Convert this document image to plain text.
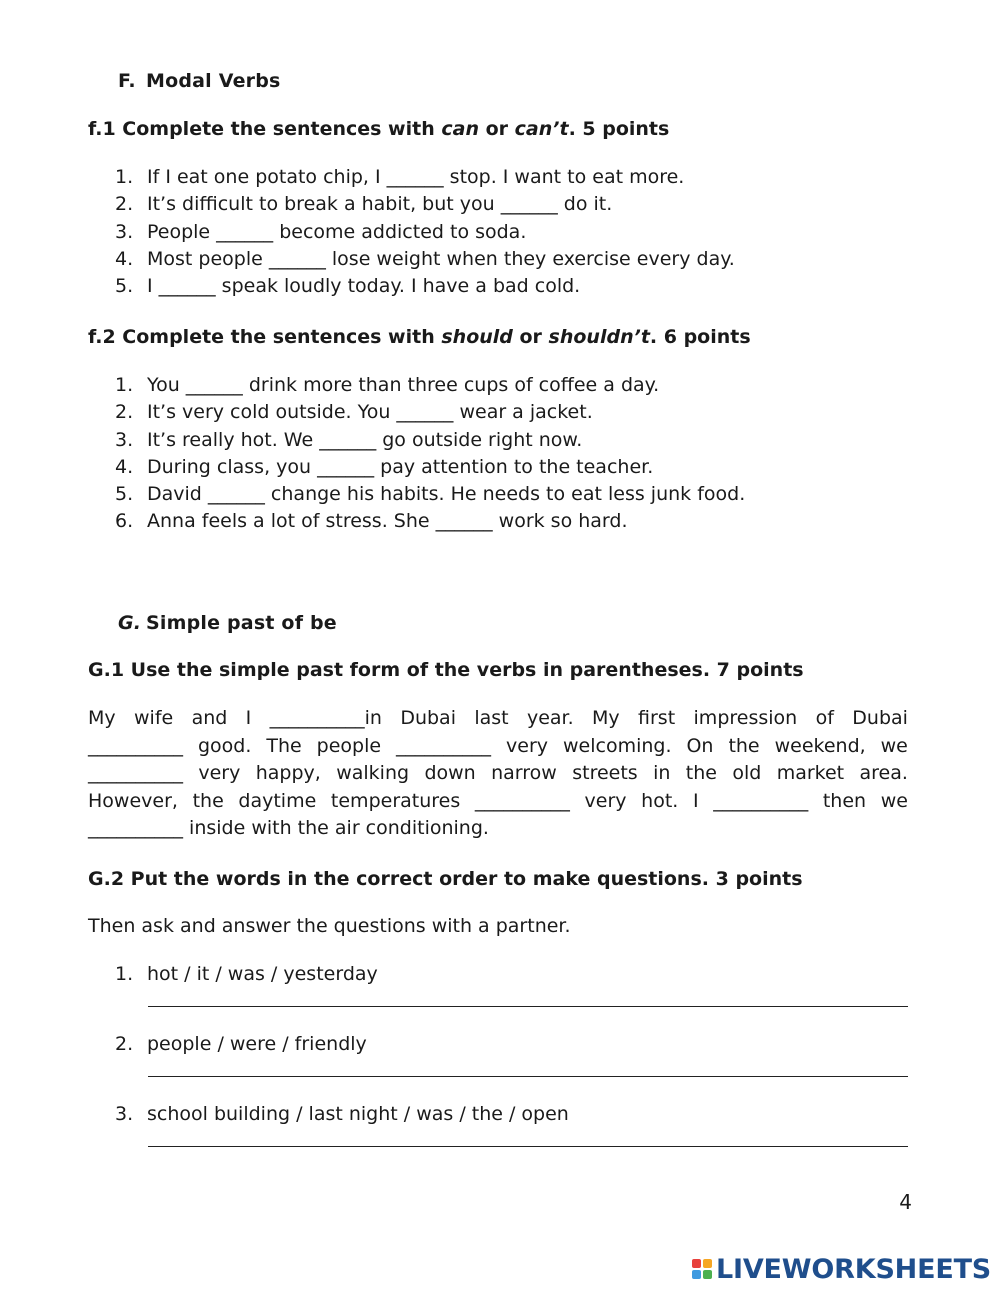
F. Modal Verbs
f.1 Complete the sentences with can or can’t. 5 points
1. If I eat one potato chip, I ______ stop. I want to eat more.
2. It’s difficult to break a habit, but you ______ do it.
3. People ______ become addicted to soda.
4. Most people ______ lose weight when they exercise every day.
5. I ______ speak loudly today. I have a bad cold.
f.2 Complete the sentences with should or shouldn’t. 6 points
1. You ______ drink more than three cups of coffee a day.
2. It’s very cold outside. You ______ wear a jacket.
3. It’s really hot. We ______ go outside right now.
4. During class, you ______ pay attention to the teacher.
5. David ______ change his habits. He needs to eat less junk food.
6. Anna feels a lot of stress. She ______ work so hard.
G. Simple past of be
G.1 Use the simple past form of the verbs in parentheses. 7 points
My wife and I __________in Dubai last year. My first impression of Dubai
__________ good. The people __________ very welcoming. On the weekend, we
__________ very happy, walking down narrow streets in the old market area.
However, the daytime temperatures __________ very hot. I __________ then we
__________ inside with the air conditioning.
G.2 Put the words in the correct order to make questions. 3 points
Then ask and answer the questions with a partner.
1. hot / it / was / yesterday
2. people / were / friendly
3. school building / last night / was / the / open
4
LIVEWORKSHEETS
